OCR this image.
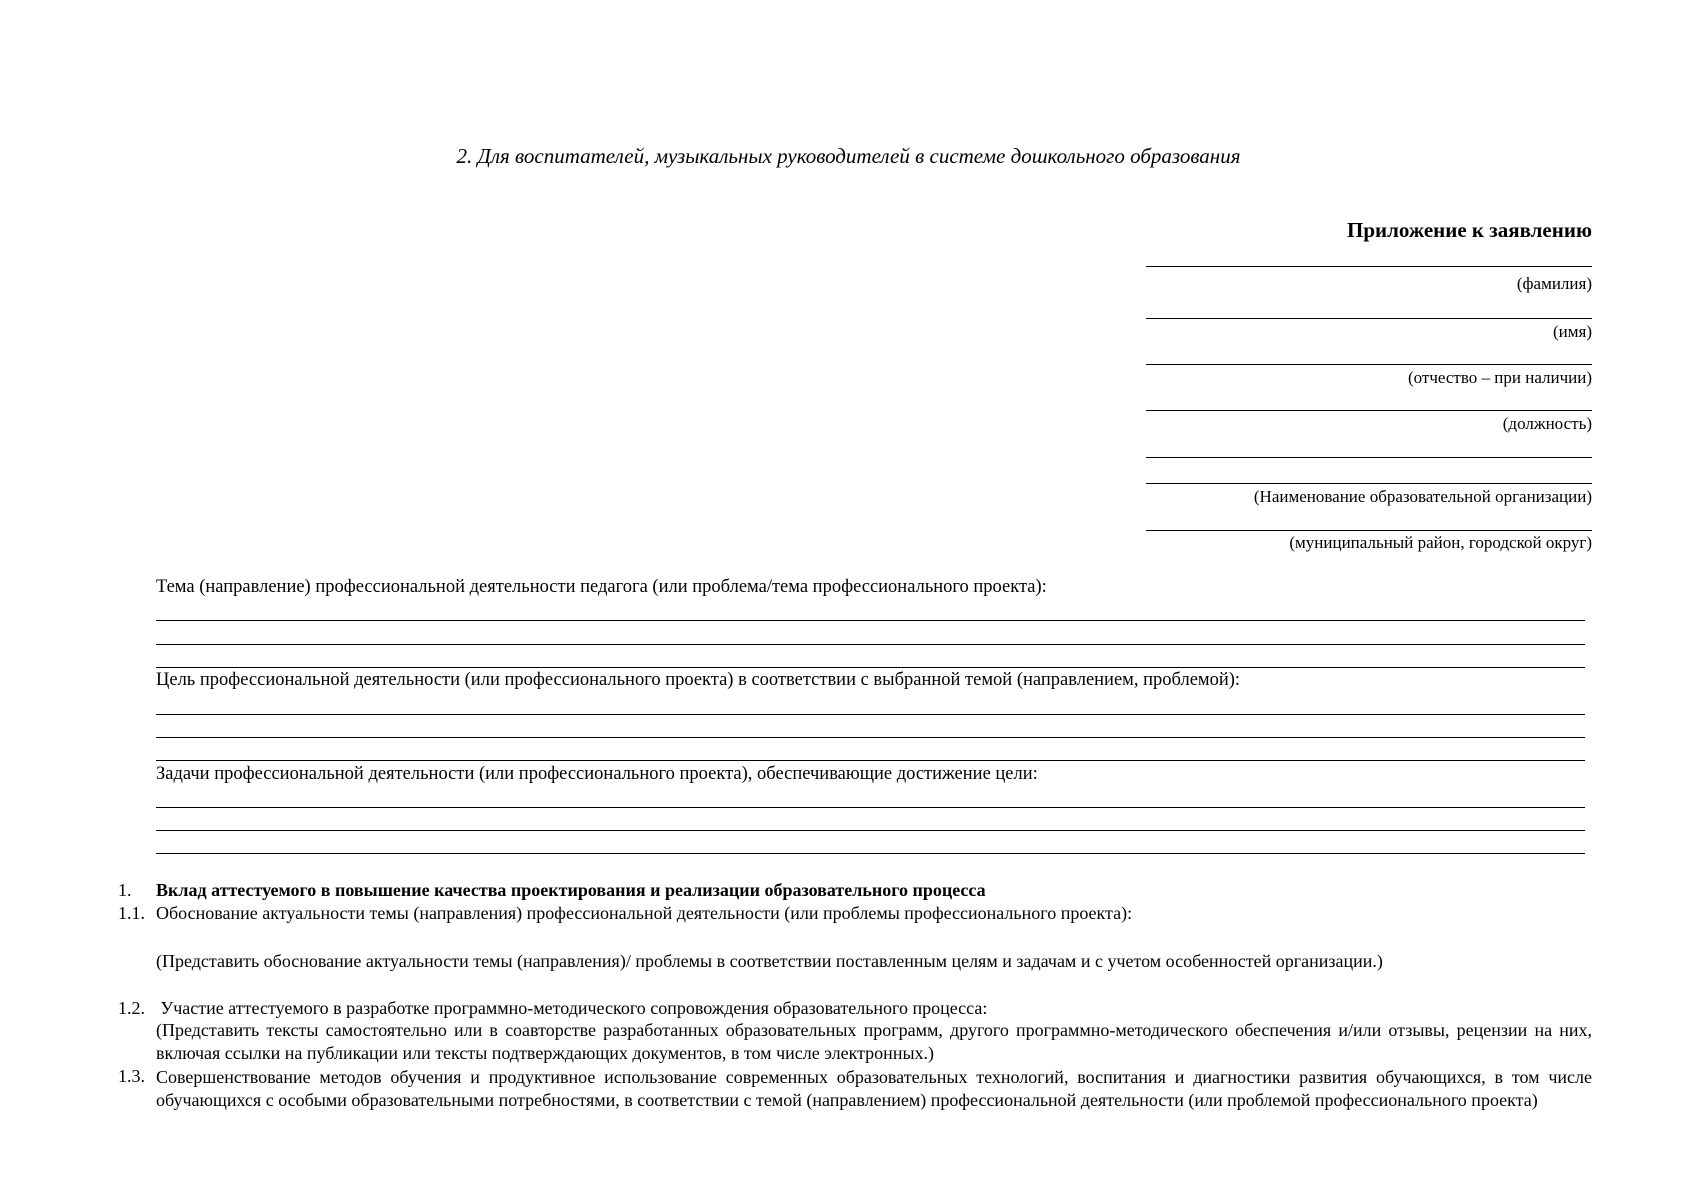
2. Для воспитателей, музыкальных руководителей в системе дошкольного образования
Приложение к заявлению
(фамилия)
(имя)
(отчество – при наличии)
(должность)
(Наименование образовательной организации)
(муниципальный район, городской округ)
Тема (направление) профессиональной деятельности педагога (или проблема/тема профессионального проекта):
Цель профессиональной деятельности (или профессионального проекта) в соответствии с выбранной темой (направлением, проблемой):
Задачи профессиональной деятельности (или профессионального проекта), обеспечивающие достижение цели:
1. Вклад аттестуемого в повышение качества проектирования и реализации образовательного процесса
1.1. Обоснование актуальности темы (направления) профессиональной деятельности (или проблемы профессионального проекта):
(Представить обоснование актуальности темы (направления)/ проблемы в соответствии поставленным целям и задачам и с учетом особенностей организации.)
1.2. Участие аттестуемого в разработке программно-методического сопровождения образовательного процесса:
(Представить тексты самостоятельно или в соавторстве разработанных образовательных программ, другого программно-методического обеспечения и/или отзывы, рецензии на них, включая ссылки на публикации или тексты подтверждающих документов, в том числе электронных.)
1.3. Совершенствование методов обучения и продуктивное использование современных образовательных технологий, воспитания и диагностики развития обучающихся, в том числе обучающихся с особыми образовательными потребностями, в соответствии с темой (направлением) профессиональной деятельности (или проблемой профессионального проекта)
